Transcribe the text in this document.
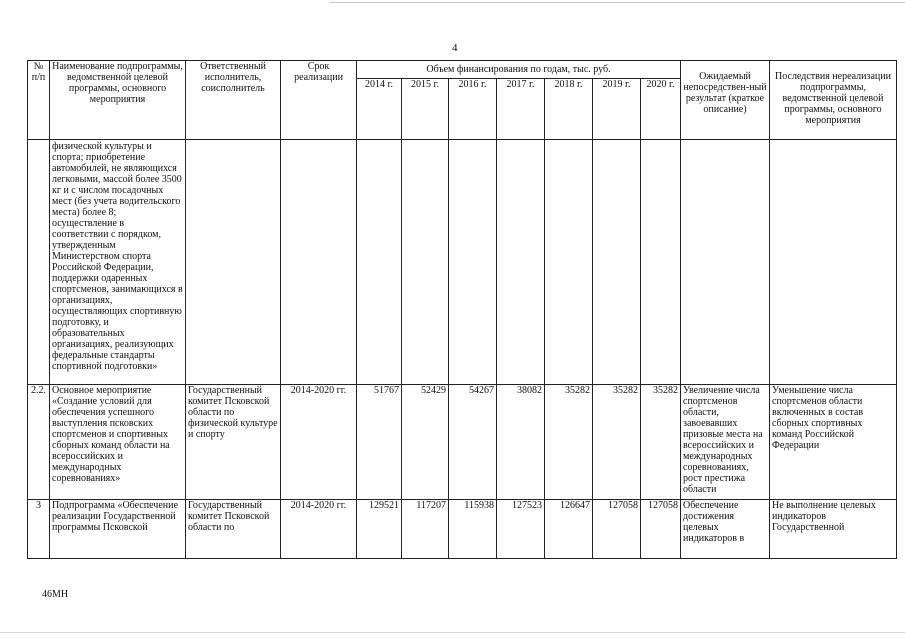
4
№ п/п	Наименование подпрограммы, ведомственной целевой программы, основного мероприятия	Ответственный исполнитель, соисполнитель	Срок реализации	Объем финансирования по годам, тыс. руб.							Ожидаемый непосредствен-ный результат (краткое описание)	Последствия нереализации подпрограммы, ведомственной целевой программы, основного мероприятия
				2014 г.	2015 г.	2016 г.	2017 г.	2018 г.	2019 г.	2020 г.		
	физической культуры и спорта; приобретение автомобилей, не являющихся легковыми, массой более 3500 кг и с числом посадочных мест (без учета водительского места) более 8; осуществление в соответствии с порядком, утвержденным Министерством спорта Российской Федерации, поддержки одаренных спортсменов, занимающихся в организациях, осуществляющих спортивную подготовку, и образовательных организациях, реализующих федеральные стандарты спортивной подготовки»											
2.2.	Основное мероприятие «Создание условий для обеспечения успешного выступления псковских спортсменов и спортивных сборных команд области на всероссийских и международных соревнованиях»	Государственный комитет Псковской области по физической культуре и спорту	2014-2020 гг.	51767	52429	54267	38082	35282	35282	35282	Увеличение числа спортсменов области, завоевавших призовые места на всероссийских и международных соревнованиях, рост престижа области	Уменьшение числа спортсменов области включенных в состав сборных спортивных команд Российской Федерации
3	Подпрограмма «Обеспечение реализации Государственной программы Псковской	Государственный комитет Псковской области по	2014-2020 гг.	129521	117207	115938	127523	126647	127058	127058	Обеспечение достижения целевых индикаторов в	Не выполнение целевых индикаторов Государственной
46МН
